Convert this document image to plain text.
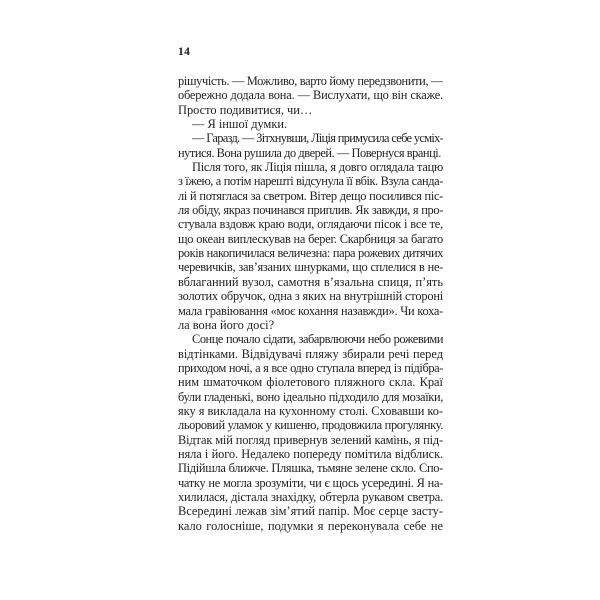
14
рішучість. — Можливо, варто йому передзвонити, —
обережно додала вона. — Вислухати, що він скаже.
Просто подивитися, чи…
— Я іншої думки.
— Гаразд. — Зітхнувши, Ліція примусила себе усміх-
нутися. Вона рушила до дверей. — Повернуся вранці.
Після того, як Ліція пішла, я довго оглядала тацю
з їжею, а потім нарешті відсунула її вбік. Взула санда-
лі й потяглася за светром. Вітер дещо посилився піс-
ля обіду, якраз починався приплив. Як завжди, я про-
стувала вздовж краю води, оглядаючи пісок і все те,
що океан виплескував на берег. Скарбниця за багато
років накопичилася величезна: пара рожевих дитячих
черевичків, зав’язаних шнурками, що сплелися в не-
вблаганний вузол, самотня в’язальна спиця, п’ять
золотих обручок, одна з яких на внутрішній стороні
мала гравіювання «моє кохання назавжди». Чи коха-
ла вона його досі?
Сонце почало сідати, забарвлюючи небо рожевими
відтінками. Відвідувачі пляжу збирали речі перед
приходом ночі, а я все одно ступала вперед із підібра-
ним шматочком фіолетового пляжного скла. Краї
були гладенькі, воно ідеально підходило для мозаїки,
яку я викладала на кухонному столі. Сховавши ко-
льоровий уламок у кишеню, продовжила прогулянку.
Відтак мій погляд привернув зелений камінь, я під-
няла і його. Недалеко попереду помітила відблиск.
Підійшла ближче. Пляшка, тьмяне зелене скло. Спо-
чатку не могла зрозуміти, чи є щось усередині. Я на-
хилилася, дістала знахідку, обтерла рукавом светра.
Всередині лежав зім’ятий папір. Моє серце засту-
кало голосніше, подумки я переконувала себе не
